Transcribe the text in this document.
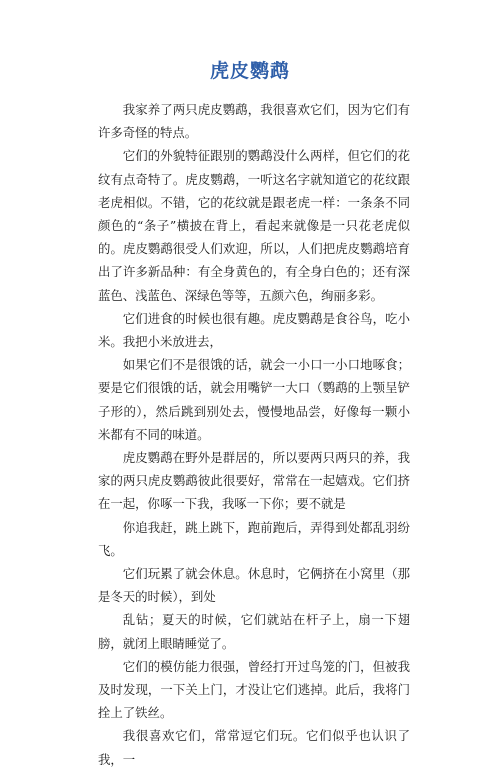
虎皮鹦鹉

我家养了两只虎皮鹦鹉，我很喜欢它们，因为它们有许多奇怪的特点。

它们的外貌特征跟别的鹦鹉没什么两样，但它们的花纹有点奇特了。虎皮鹦鹉，一听这名字就知道它的花纹跟老虎相似。不错，它的花纹就是跟老虎一样：一条条不同颜色的“条子”横披在背上，看起来就像是一只花老虎似的。虎皮鹦鹉很受人们欢迎，所以，人们把虎皮鹦鹉培育出了许多新品种：有全身黄色的，有全身白色的；还有深蓝色、浅蓝色、深绿色等等，五颜六色，绚丽多彩。

它们进食的时候也很有趣。虎皮鹦鹉是食谷鸟，吃小米。我把小米放进去，

如果它们不是很饿的话，就会一小口一小口地啄食；要是它们很饿的话，就会用嘴铲一大口（鹦鹉的上颚呈铲子形的），然后跳到别处去，慢慢地品尝，好像每一颗小米都有不同的味道。

虎皮鹦鹉在野外是群居的，所以要两只两只的养，我家的两只虎皮鹦鹉彼此很要好，常常在一起嬉戏。它们挤在一起，你啄一下我，我啄一下你；要不就是

你追我赶，跳上跳下，跑前跑后，弄得到处都乱羽纷飞。

它们玩累了就会休息。休息时，它俩挤在小窝里（那是冬天的时候），到处

乱钻；夏天的时候，它们就站在杆子上，扇一下翅膀，就闭上眼睛睡觉了。

它们的模仿能力很强，曾经打开过鸟笼的门，但被我及时发现，一下关上门，才没让它们逃掉。此后，我将门拴上了铁丝。

我很喜欢它们，常常逗它们玩。它们似乎也认识了我，一
